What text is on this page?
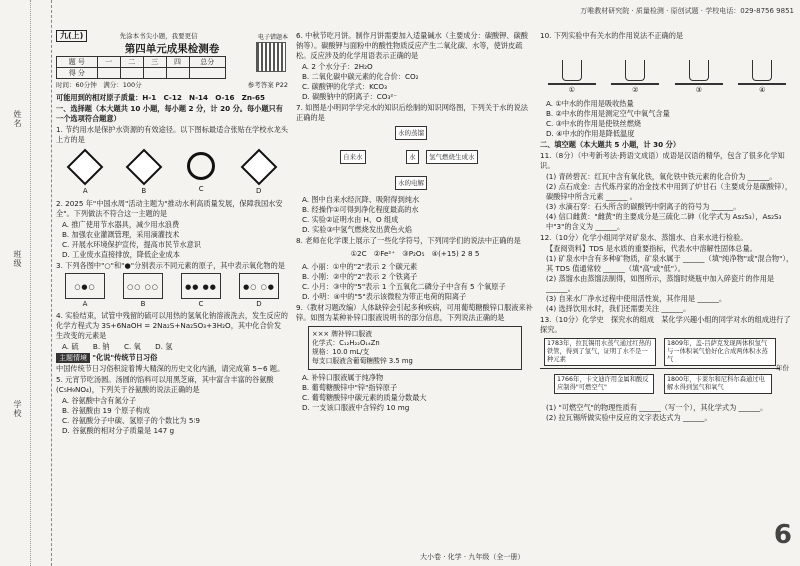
姓名
班级
学校
万唯教材研究院 · 质量检测 · 原创试题 · 学校电话：029-8756 9851
九(上)	先涂本书尖小题，我要更信
第四单元成果检测卷
题 号	一	二	三	四	总分
得 分					
电子错题本
时间：60分钟　满分：100分	参考答案 P22
可能用到的相对原子质量：H-1　C-12　N-14　O-16　Zn-65
一、选择题（本大题共 10 小题，每小题 2 分，计 20 分。每小题只有一个选项符合题意）
1. 节约用水是保护水资源的有效途径。以下图标最适合张贴在学校水龙头上方的是
A	B	C	D
2. 2025 年"中国水周"活动主题为"推动水利高质量发展，保障我国水安全"。下列做法不符合这一主题的是
A. 推广使用节水器具，减少用水浪费
B. 加强农业灌溉管理，采用滴灌技术
C. 开展水环境保护宣传，提高市民节水意识
D. 工业废水直接排放，降低企业成本
3. 下列各图中"○"和"●"分别表示不同元素的原子，其中表示氧化物的是
○●○
A
○○ ○○
B
●● ●●
C
●○ ○●
D
4. 实验结束，试管中残留的硫可以用热的氢氧化钠溶液洗去，发生反应的化学方程式为 3S+6NaOH = 2Na₂S+Na₂SO₃+3H₂O，其中化合价发生改变的元素是
A. 硫　　B. 钠　　C. 氧　　D. 氢
主题情境 "化说"传统节日习俗
中国传统节日习俗积淀着博大精深的历史文化内涵，请完成第 5~6 题。
5. 元宵节吃汤圆。汤圆的馅料可以用黑芝麻，其中富含丰富的谷氨酸(C₅H₉NO₄)，下列关于谷氨酸的说法正确的是
A. 谷氨酸中含有氮分子
B. 谷氨酸由 19 个原子构成
C. 谷氨酸分子中碳、氢原子的个数比为 5∶9
D. 谷氨酸的相对分子质量是 147 g
6. 中秋节吃月饼。制作月饼需要加入适量碱水（主要成分：碳酸钾、碳酸钠等）。碳酸钾与面粉中的酸性物质反应产生二氧化碳、水等，使饼皮疏松。反应涉及的化学用语表示正确的是
A. 2 个水分子：2H₂O
B. 二氧化碳中碳元素的化合价：CO₂
C. 碳酸钾的化学式：KCO₃
D. 碳酸钠中的阴离子：CO₃²⁻
7. 如图是小明同学学完水的知识后绘制的知识网络图，下列关于水的说法正确的是
水的蒸馏
水
自来水	氢气燃烧生成水
水的电解
A. 图中自来水经沉降、吸附得到纯水
B. 经操作①可得到净化程度最高的水
C. 实验②证明水由 H、O 组成
D. 实验③中氢气燃烧发出黄色火焰
8. 老师在化学课上展示了一些化学符号，下列同学们的说法中正确的是
①2C　②Fe²⁺　③P₂O₅　④(+15) 2 8 5
A. 小丽：①中的"2"表示 2 个碳元素
B. 小刚：②中的"2"表示 2 个铁离子
C. 小月：③中的"5"表示 1 个五氧化二磷分子中含有 5 个氧原子
D. 小明：④中的"5"表示该微粒为带正电荷的阳离子
9.（教材习题改编）人体缺锌会引起多种疾病，可用葡萄糖酸锌口服液来补锌。如图为某种补锌口服液说明书的部分信息，下列说法正确的是
××× 牌补锌口服液
化学式：C₁₂H₂₂O₁₄Zn
规格：10.0 mL/支
每支口服液含葡萄糖酸锌 3.5 mg
A. 补锌口服液属于纯净物
B. 葡萄糖酸锌中"锌"指锌原子
C. 葡萄糖酸锌中碳元素的质量分数最大
D. 一支该口服液中含锌约 10 mg
10. 下列实验中有关水的作用说法不正确的是
①	②	③	④
A. ①中水的作用是吸收热量
B. ②中水的作用是测定空气中氧气含量
C. ③中水的作用是使铁丝燃烧
D. ④中水的作用是降低温度
二、填空题（本大题共 5 小题，计 30 分）
11.（8分）（中考新考法·跨语文成语）成语是汉语的精华，包含了很多化学知识。
(1) 青砖碧瓦：红瓦中含有氧化铁，氧化铁中铁元素的化合价为 ______。
(2) 点石成金：古代炼丹家的冶金技术中用到了炉甘石（主要成分是碳酸锌），碳酸锌中所含元素 ______ 。
(3) 水滴石穿：石头所含的碳酸钙中阴离子的符号为 ______。
(4) 信口雌黄："雌黄"的主要成分是三硫化二砷（化学式为 As₂S₃），As₂S₃ 中"3"的含义为 ______。
12.（10分）化学小组同学对矿泉水、蒸馏水、自来水进行检验。
【查阅资料】TDS 是水质的重要指标，代表水中溶解性固体总量。
(1) 矿泉水中含有多种矿物质，矿泉水属于 ______（填"纯净物"或"混合物"），其 TDS 值通常较 ______（填"高"或"低"）。
(2) 蒸馏水由蒸馏法制得，如图所示，蒸馏时烧瓶中加入碎瓷片的作用是 ______。
(3) 自来水厂净水过程中使用活性炭，其作用是 ______。
(4) 选择饮用水时，我们还需要关注 ______。
13.（10分）化学史　探究水的组成　某化学兴趣小组的同学对水的组成进行了探究。
1783年，拉瓦锡用水蒸气通过红热的铁管，得到了氢气，证明了水不是一种元素
1809年，盖-吕萨克发现两体积氢气与一体积氧气恰好化合成两体积水蒸气
年份
1766年，卡文迪许用金属和酸反应制得"可燃空气"
1800年，卡莱尔和尼科尔森通过电解水得到氢气和氧气
(1) "可燃空气"的物理性质有 ______（写一个），其化学式为 ______。
(2) 拉瓦锡所做实验中反应的文字表达式为 ______。
6
大小卷 · 化学 · 九年级（全一册）
